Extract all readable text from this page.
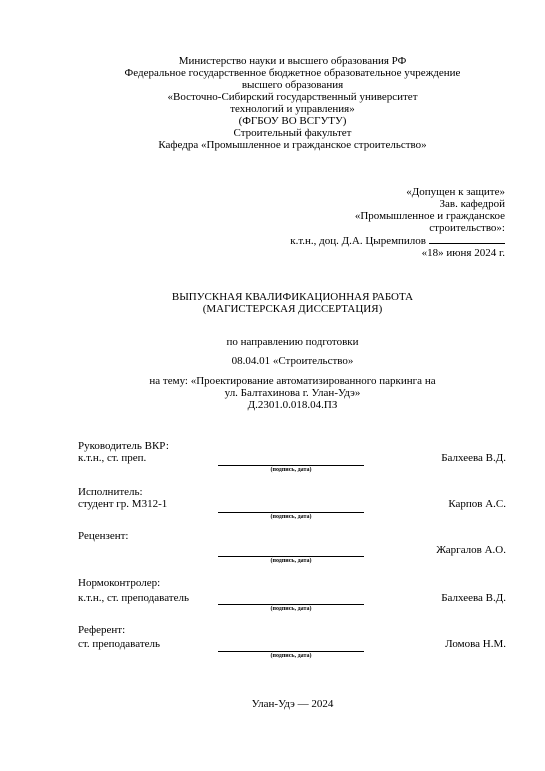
Министерство науки и высшего образования РФ
Федеральное государственное бюджетное образовательное учреждение
высшего образования
«Восточно-Сибирский государственный университет
технологий и управления»
(ФГБОУ ВО ВСГУТУ)
Строительный факультет
Кафедра «Промышленное и гражданское строительство»
«Допущен к защите»
Зав. кафедрой
«Промышленное и гражданское
строительство»:
к.т.н., доц. Д.А. Цыремпилов
«18» июня 2024 г.
ВЫПУСКНАЯ КВАЛИФИКАЦИОННАЯ РАБОТА
(МАГИСТЕРСКАЯ ДИССЕРТАЦИЯ)
по направлению подготовки
08.04.01 «Строительство»
на тему: «Проектирование автоматизированного паркинга на
ул. Балтахинова г. Улан-Удэ»
Д.2301.0.018.04.ПЗ
Руководитель ВКР:
к.т.н., ст. преп.
(подпись, дата)
Балхеева В.Д.
Исполнитель:
студент гр. М312-1
(подпись, дата)
Карпов А.С.
Рецензент:
(подпись, дата)
Жаргалов А.О.
Нормоконтролер:
к.т.н., ст. преподаватель
(подпись, дата)
Балхеева В.Д.
Референт:
ст. преподаватель
(подпись, дата)
Ломова Н.М.
Улан-Удэ ― 2024
